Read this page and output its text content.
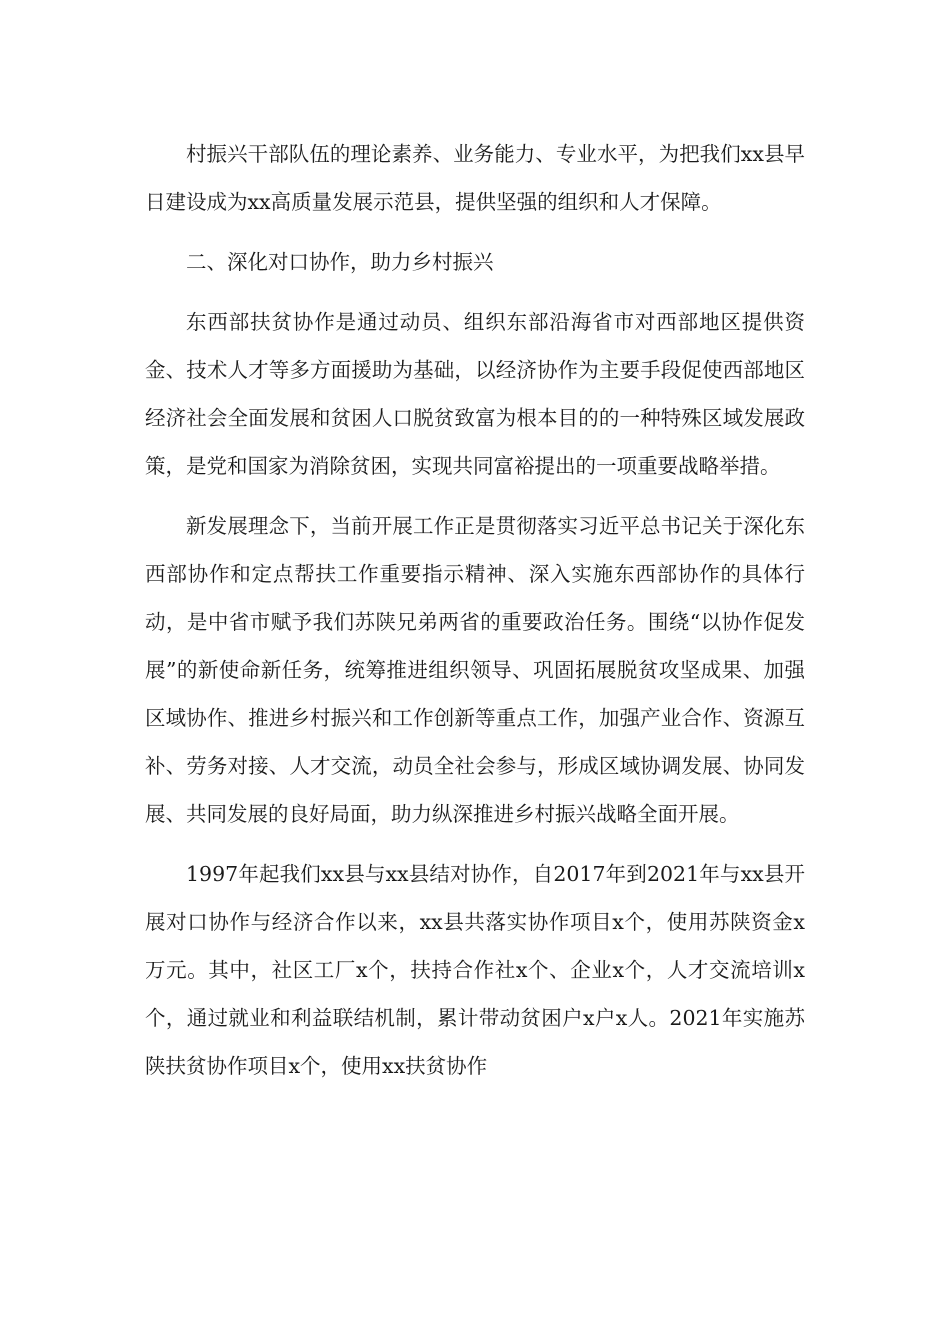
村振兴干部队伍的理论素养、业务能力、专业水平，为把我们xx县早日建设成为xx高质量发展示范县，提供坚强的组织和人才保障。

二、深化对口协作，助力乡村振兴

东西部扶贫协作是通过动员、组织东部沿海省市对西部地区提供资金、技术人才等多方面援助为基础，以经济协作为主要手段促使西部地区经济社会全面发展和贫困人口脱贫致富为根本目的的一种特殊区域发展政策，是党和国家为消除贫困，实现共同富裕提出的一项重要战略举措。

新发展理念下，当前开展工作正是贯彻落实习近平总书记关于深化东西部协作和定点帮扶工作重要指示精神、深入实施东西部协作的具体行动，是中省市赋予我们苏陕兄弟两省的重要政治任务。围绕“以协作促发展”的新使命新任务，统筹推进组织领导、巩固拓展脱贫攻坚成果、加强区域协作、推进乡村振兴和工作创新等重点工作，加强产业合作、资源互补、劳务对接、人才交流，动员全社会参与，形成区域协调发展、协同发展、共同发展的良好局面，助力纵深推进乡村振兴战略全面开展。

1997年起我们xx县与xx县结对协作，自2017年到2021年与xx县开展对口协作与经济合作以来，xx县共落实协作项目x个，使用苏陕资金x万元。其中，社区工厂x个，扶持合作社x个、企业x个，人才交流培训x个，通过就业和利益联结机制，累计带动贫困户x户x人。2021年实施苏陕扶贫协作项目x个，使用xx扶贫协作
